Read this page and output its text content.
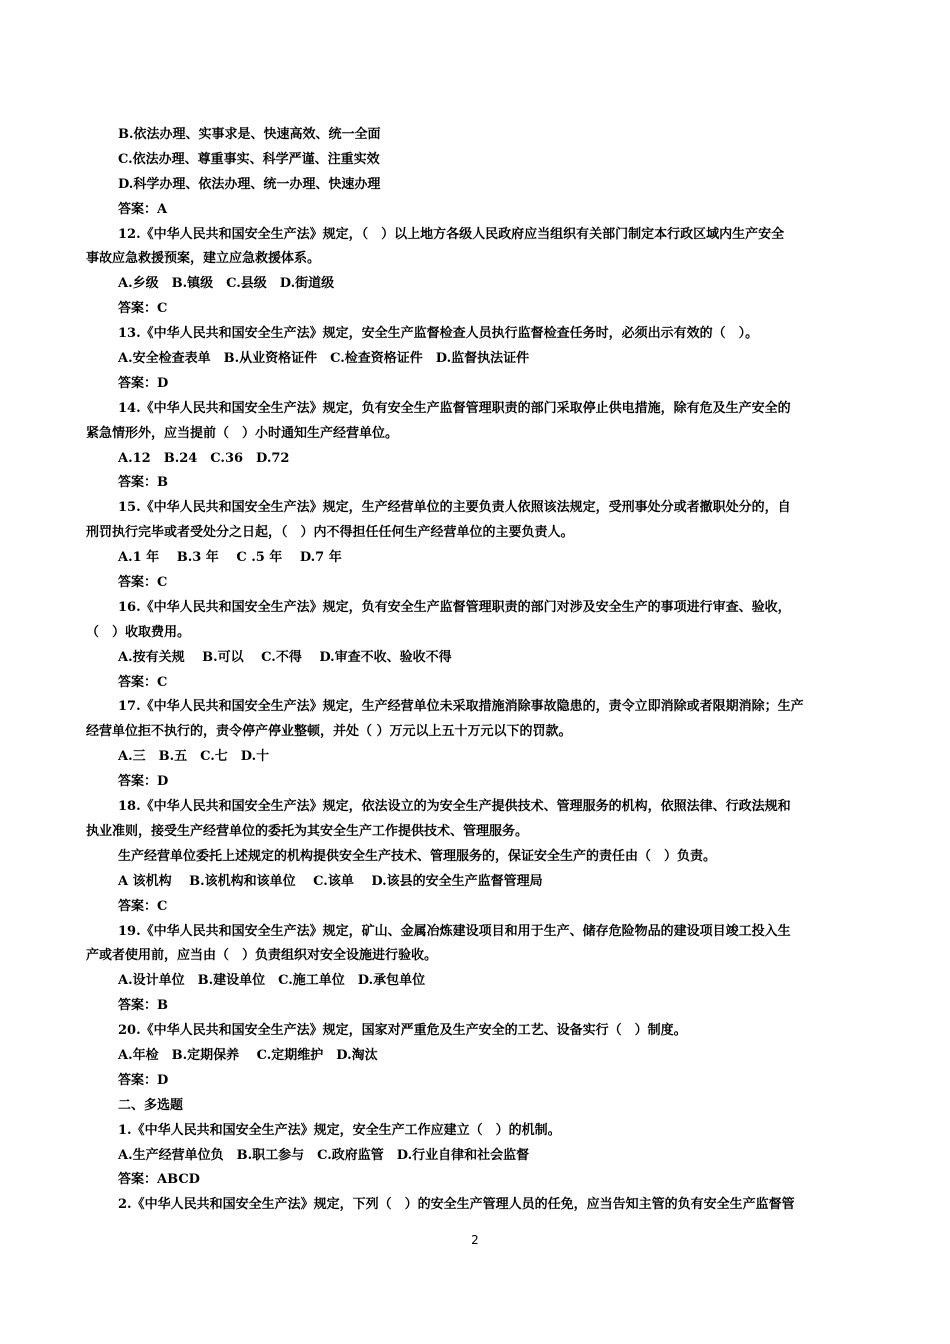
B.依法办理、实事求是、快速高效、统一全面
C.依法办理、尊重事实、科学严谨、注重实效
D.科学办理、依法办理、统一办理、快速办理
答案：A
12.《中华人民共和国安全生产法》规定，（　）以上地方各级人民政府应当组织有关部门制定本行政区域内生产安全
事故应急救援预案，建立应急救援体系。
A.乡级　B.镇级　C.县级　D.街道级
答案：C
13.《中华人民共和国安全生产法》规定，安全生产监督检查人员执行监督检查任务时，必须出示有效的（　）。
A.安全检查表单　B.从业资格证件　C.检查资格证件　D.监督执法证件
答案：D
14.《中华人民共和国安全生产法》规定，负有安全生产监督管理职责的部门采取停止供电措施，除有危及生产安全的
紧急情形外，应当提前（　）小时通知生产经营单位。
A.12　B.24　C.36　D.72
答案：B
15.《中华人民共和国安全生产法》规定，生产经营单位的主要负责人依照该法规定，受刑事处分或者撤职处分的，自
刑罚执行完毕或者受处分之日起，（　）内不得担任任何生产经营单位的主要负责人。
A.1 年　 B.3 年　 C .5 年　 D.7 年
答案：C
16.《中华人民共和国安全生产法》规定，负有安全生产监督管理职责的部门对涉及安全生产的事项进行审查、验收，
（　）收取费用。
A.按有关规　 B.可以　 C.不得　 D.审查不收、验收不得
答案：C
17.《中华人民共和国安全生产法》规定，生产经营单位未采取措施消除事故隐患的，责令立即消除或者限期消除；生产
经营单位拒不执行的，责令停产停业整顿，并处（ ）万元以上五十万元以下的罚款。
A.三　B.五　C.七　D.十
答案：D
18.《中华人民共和国安全生产法》规定，依法设立的为安全生产提供技术、管理服务的机构，依照法律、行政法规和
执业准则，接受生产经营单位的委托为其安全生产工作提供技术、管理服务。
生产经营单位委托上述规定的机构提供安全生产技术、管理服务的，保证安全生产的责任由（　）负责。
A 该机构　 B.该机构和该单位　 C.该单　 D.该县的安全生产监督管理局
答案：C
19.《中华人民共和国安全生产法》规定，矿山、金属冶炼建设项目和用于生产、储存危险物品的建设项目竣工投入生
产或者使用前，应当由（　）负责组织对安全设施进行验收。
A.设计单位　B.建设单位　C.施工单位　D.承包单位
答案：B
20.《中华人民共和国安全生产法》规定，国家对严重危及生产安全的工艺、设备实行（　）制度。
A.年检　B.定期保养　 C.定期维护　D.淘汰
答案：D
二、多选题
1.《中华人民共和国安全生产法》规定，安全生产工作应建立（　）的机制。
A.生产经营单位负　B.职工参与　C.政府监管　D.行业自律和社会监督
答案：ABCD
2.《中华人民共和国安全生产法》规定，下列（　）的安全生产管理人员的任免，应当告知主管的负有安全生产监督管
2
